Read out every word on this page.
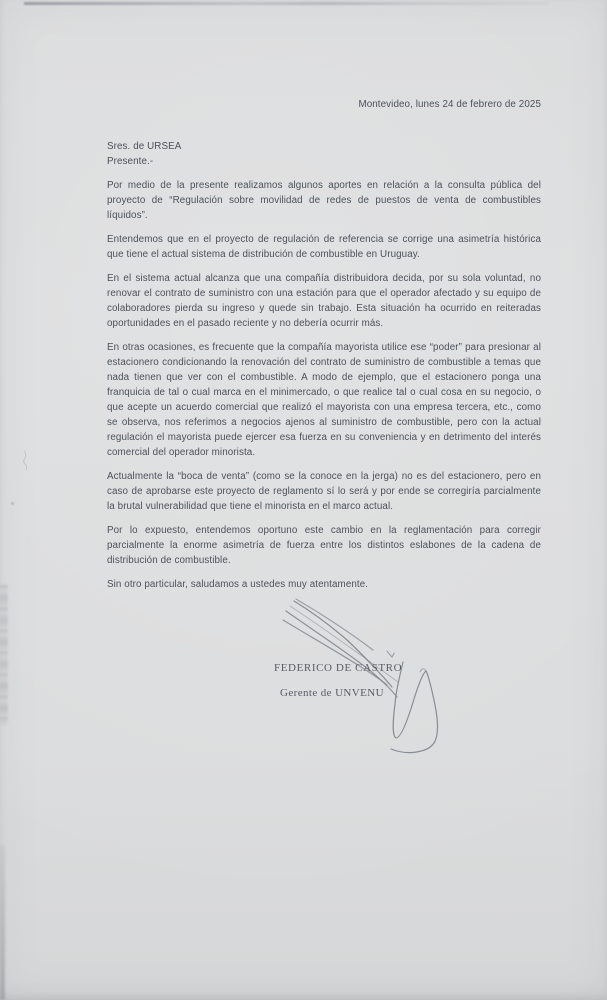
Montevideo, lunes 24 de febrero de 2025
Sres. de URSEA
Presente.-

Por medio de la presente realizamos algunos aportes en relación a la consulta pública del proyecto de “Regulación sobre movilidad de redes de puestos de venta de combustibles líquidos”.

Entendemos que en el proyecto de regulación de referencia se corrige una asimetría histórica que tiene el actual sistema de distribución de combustible en Uruguay.

En el sistema actual alcanza que una compañía distribuidora decida, por su sola voluntad, no renovar el contrato de suministro con una estación para que el operador afectado y su equipo de colaboradores pierda su ingreso y quede sin trabajo. Esta situación ha ocurrido en reiteradas oportunidades en el pasado reciente y no debería ocurrir más.

En otras ocasiones, es frecuente que la compañía mayorista utilice ese “poder” para presionar al estacionero condicionando la renovación del contrato de suministro de combustible a temas que nada tienen que ver con el combustible. A modo de ejemplo, que el estacionero ponga una franquicia de tal o cual marca en el minimercado, o que realice tal o cual cosa en su negocio, o que acepte un acuerdo comercial que realizó el mayorista con una empresa tercera, etc., como se observa, nos referimos a negocios ajenos al suministro de combustible, pero con la actual regulación el mayorista puede ejercer esa fuerza en su conveniencia y en detrimento del interés comercial del operador minorista.

Actualmente la “boca de venta” (como se la conoce en la jerga) no es del estacionero, pero en caso de aprobarse este proyecto de reglamento sí lo será y por ende se corregiría parcialmente la brutal vulnerabilidad que tiene el minorista en el marco actual.

Por lo expuesto, entendemos oportuno este cambio en la reglamentación para corregir parcialmente la enorme asimetría de fuerza entre los distintos eslabones de la cadena de distribución de combustible.

Sin otro particular, saludamos a ustedes muy atentamente.
FEDERICO DE CASTRO
Gerente de UNVENU
